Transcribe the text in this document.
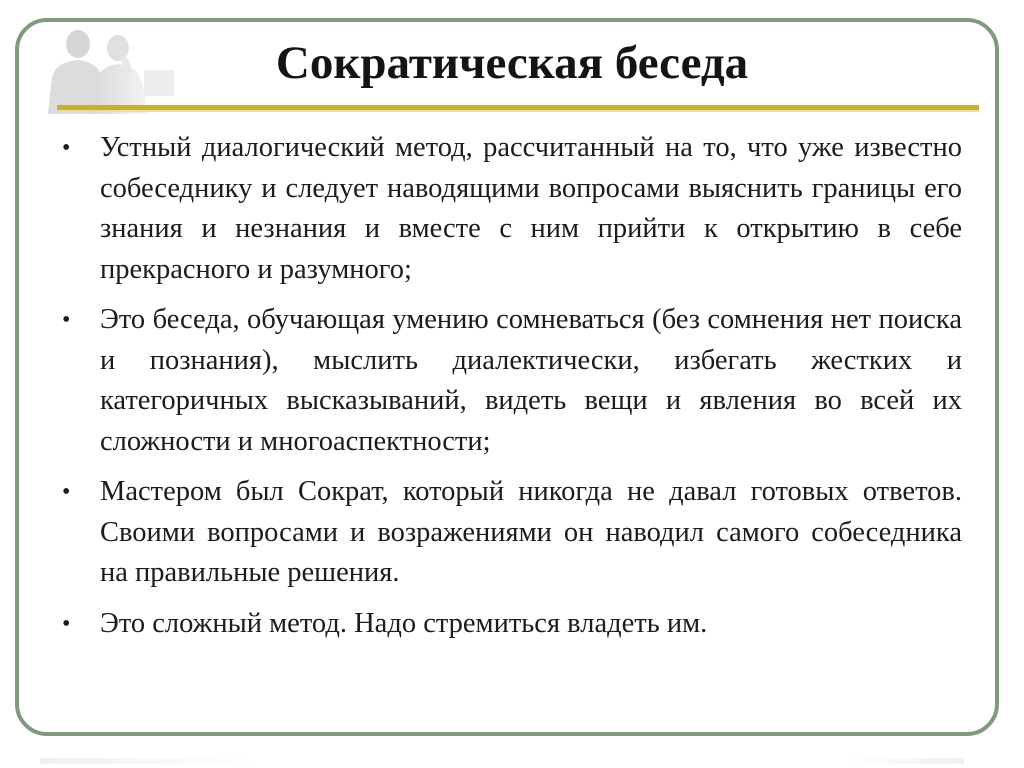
Сократическая беседа
• Устный диалогический метод, рассчитанный на то, что уже известно собеседнику и следует наводящими вопросами выяснить границы его знания и незнания и вместе с ним прийти к открытию в себе прекрасного и разумного;
• Это беседа, обучающая умению сомневаться (без сомнения нет поиска и познания), мыслить диалектически, избегать жестких и категоричных высказываний, видеть вещи и явления во всей их сложности и многоаспектности;
• Мастером был Сократ, который никогда не давал готовых ответов. Своими вопросами и возражениями он наводил самого собеседника на правильные решения.
• Это сложный метод. Надо стремиться владеть им.
